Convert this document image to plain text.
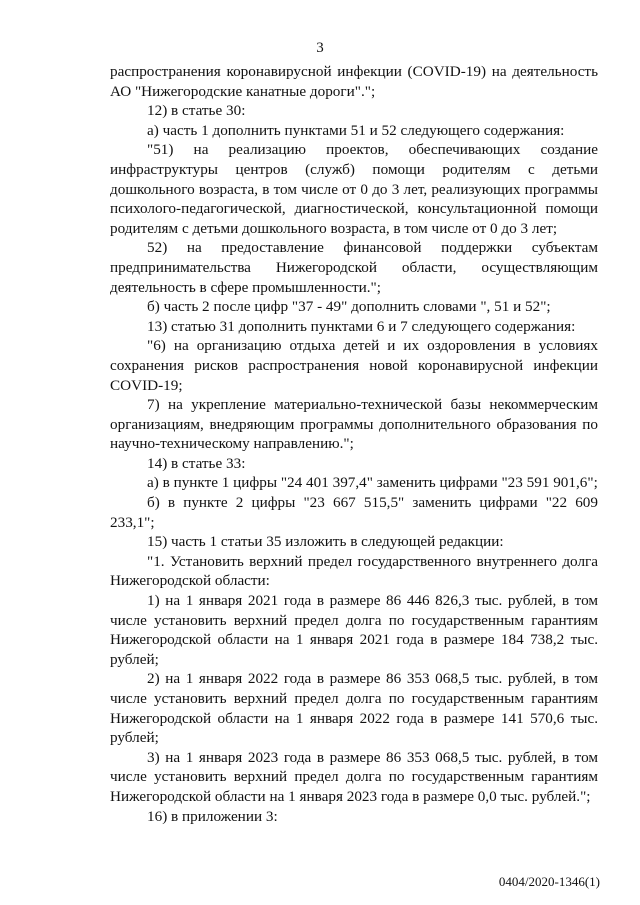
3

распространения коронавирусной инфекции (COVID-19) на деятельность АО "Нижегородские канатные дороги".";

12) в статье 30:

а) часть 1 дополнить пунктами 51 и 52 следующего содержания:

"51) на реализацию проектов, обеспечивающих создание инфраструктуры центров (служб) помощи родителям с детьми дошкольного возраста, в том числе от 0 до 3 лет, реализующих программы психолого-педагогической, диагностической, консультационной помощи родителям с детьми дошкольного возраста, в том числе от 0 до 3 лет;

52) на предоставление финансовой поддержки субъектам предпринимательства Нижегородской области, осуществляющим деятельность в сфере промышленности.";

б) часть 2 после цифр "37 - 49" дополнить словами ", 51 и 52";

13) статью 31 дополнить пунктами 6 и 7 следующего содержания:

"6) на организацию отдыха детей и их оздоровления в условиях сохранения рисков распространения новой коронавирусной инфекции COVID-19;

7) на укрепление материально-технической базы некоммерческим организациям, внедряющим программы дополнительного образования по научно-техническому направлению.";

14) в статье 33:

а) в пункте 1 цифры "24 401 397,4" заменить цифрами "23 591 901,6";

б) в пункте 2 цифры "23 667 515,5" заменить цифрами "22 609 233,1";

15) часть 1 статьи 35 изложить в следующей редакции:

"1. Установить верхний предел государственного внутреннего долга Нижегородской области:

1) на 1 января 2021 года в размере 86 446 826,3 тыс. рублей, в том числе установить верхний предел долга по государственным гарантиям Нижегородской области на 1 января 2021 года в размере 184 738,2 тыс. рублей;

2) на 1 января 2022 года в размере 86 353 068,5 тыс. рублей, в том числе установить верхний предел долга по государственным гарантиям Нижегородской области на 1 января 2022 года в размере 141 570,6 тыс. рублей;

3) на 1 января 2023 года в размере 86 353 068,5 тыс. рублей, в том числе установить верхний предел долга по государственным гарантиям Нижегородской области на 1 января 2023 года в размере 0,0 тыс. рублей.";

16) в приложении 3:

0404/2020-1346(1)
